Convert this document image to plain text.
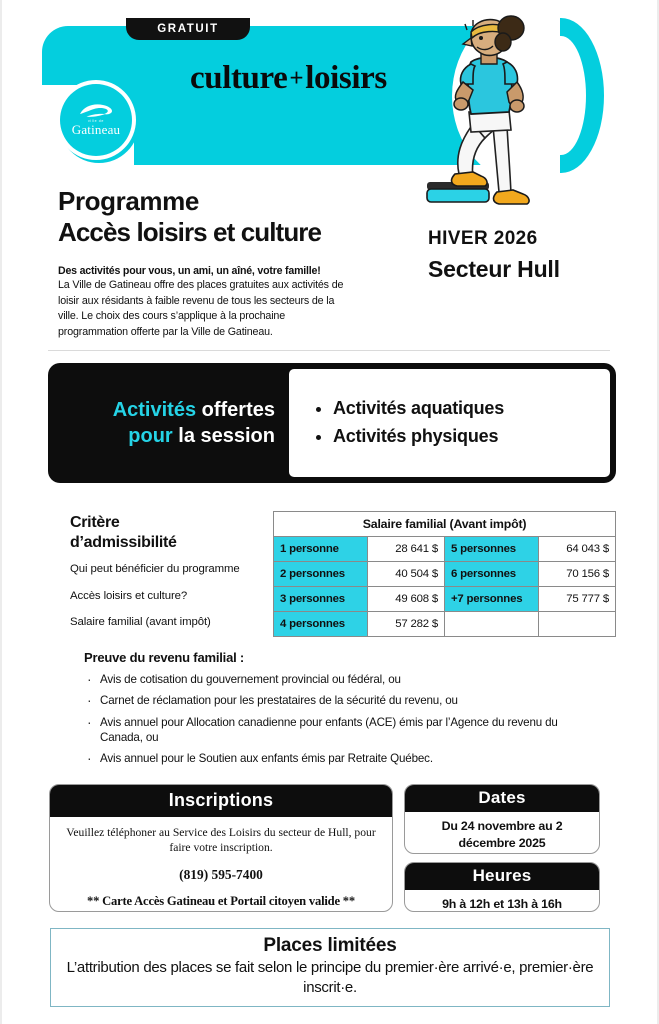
GRATUIT
ville de
Gatineau
culture+loisirs
Programme
Accès loisirs et culture
Des activités pour vous, un ami, un aîné, votre famille!
La Ville de Gatineau offre des places gratuites aux activités de loisir aux résidants à faible revenu de tous les secteurs de la ville. Le choix des cours s’applique à la prochaine programmation offerte par la Ville de Gatineau.
HIVER 2026
Secteur Hull
Activités offertes
pour la session
• Activités aquatiques
• Activités physiques
Critère
d’admissibilité

Qui peut bénéficier du programme

Accès loisirs et culture?

Salaire familial (avant impôt)

Salaire familial (Avant impôt)			
1 personne	28 641 $	5 personnes	64 043 $
2 personnes	40 504 $	6 personnes	70 156 $
3 personnes	49 608 $	+7 personnes	75 777 $
4 personnes	57 282 $		
Preuve du revenu familial :
· Avis de cotisation du gouvernement provincial ou fédéral, ou
· Carnet de réclamation pour les prestataires de la sécurité du revenu, ou
· Avis annuel pour Allocation canadienne pour enfants (ACE) émis par l’Agence du revenu du Canada, ou
· Avis annuel pour le Soutien aux enfants émis par Retraite Québec.
Inscriptions
Veuillez téléphoner au Service des Loisirs du secteur de Hull, pour faire votre inscription.
(819) 595-7400
** Carte Accès Gatineau et Portail citoyen valide **
Dates
Du 24 novembre au 2 décembre 2025
Heures
9h à 12h et 13h à 16h
Places limitées
L’attribution des places se fait selon le principe du premier·ère arrivé·e, premier·ère inscrit·e.
